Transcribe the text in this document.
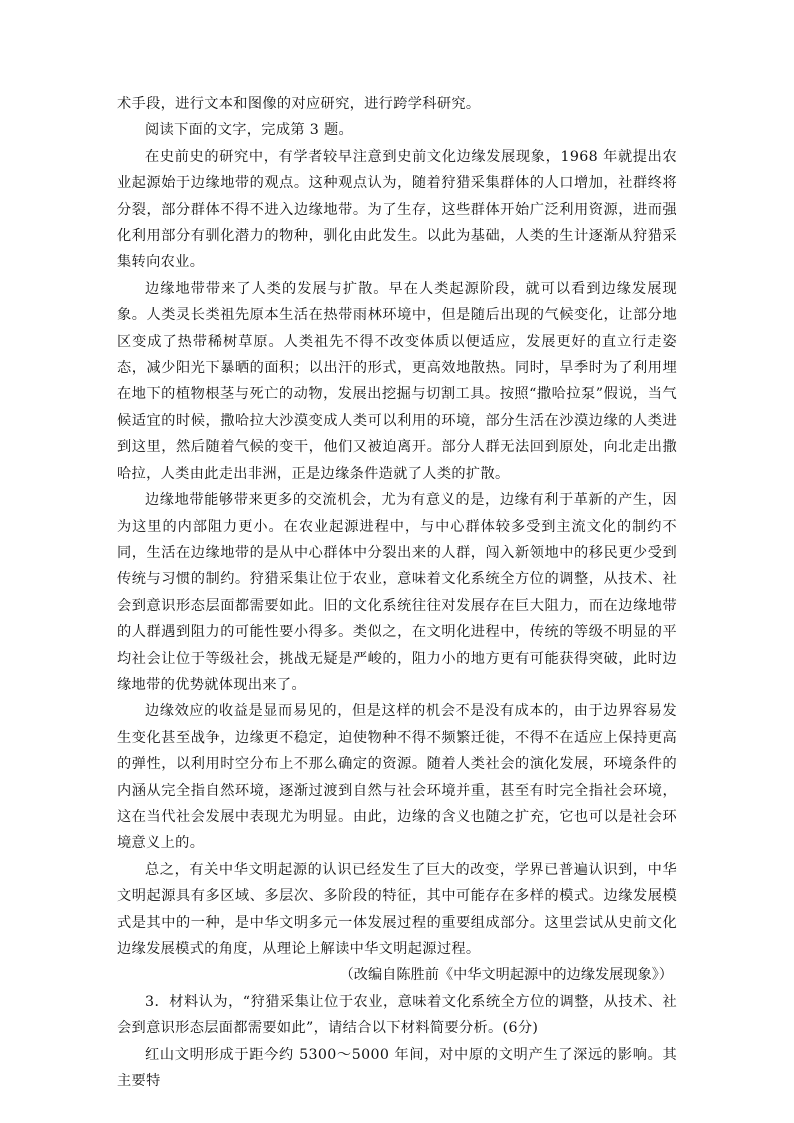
术手段，进行文本和图像的对应研究，进行跨学科研究。

阅读下面的文字，完成第 3 题。

在史前史的研究中，有学者较早注意到史前文化边缘发展现象，1968 年就提出农业起源始于边缘地带的观点。这种观点认为，随着狩猎采集群体的人口增加，社群终将分裂，部分群体不得不进入边缘地带。为了生存，这些群体开始广泛利用资源，进而强化利用部分有驯化潜力的物种，驯化由此发生。以此为基础，人类的生计逐渐从狩猎采集转向农业。

边缘地带带来了人类的发展与扩散。早在人类起源阶段，就可以看到边缘发展现象。人类灵长类祖先原本生活在热带雨林环境中，但是随后出现的气候变化，让部分地区变成了热带稀树草原。人类祖先不得不改变体质以便适应，发展更好的直立行走姿态，减少阳光下暴晒的面积；以出汗的形式，更高效地散热。同时，旱季时为了利用埋在地下的植物根茎与死亡的动物，发展出挖掘与切割工具。按照“撒哈拉泵”假说，当气候适宜的时候，撒哈拉大沙漠变成人类可以利用的环境，部分生活在沙漠边缘的人类进到这里，然后随着气候的变干，他们又被迫离开。部分人群无法回到原处，向北走出撒哈拉，人类由此走出非洲，正是边缘条件造就了人类的扩散。

边缘地带能够带来更多的交流机会，尤为有意义的是，边缘有利于革新的产生，因为这里的内部阻力更小。在农业起源进程中，与中心群体较多受到主流文化的制约不同，生活在边缘地带的是从中心群体中分裂出来的人群，闯入新领地中的移民更少受到传统与习惯的制约。狩猎采集让位于农业，意味着文化系统全方位的调整，从技术、社会到意识形态层面都需要如此。旧的文化系统往往对发展存在巨大阻力，而在边缘地带的人群遇到阻力的可能性要小得多。类似之，在文明化进程中，传统的等级不明显的平均社会让位于等级社会，挑战无疑是严峻的，阻力小的地方更有可能获得突破，此时边缘地带的优势就体现出来了。

边缘效应的收益是显而易见的，但是这样的机会不是没有成本的，由于边界容易发生变化甚至战争，边缘更不稳定，迫使物种不得不频繁迁徙，不得不在适应上保持更高的弹性，以利用时空分布上不那么确定的资源。随着人类社会的演化发展，环境条件的内涵从完全指自然环境，逐渐过渡到自然与社会环境并重，甚至有时完全指社会环境，这在当代社会发展中表现尤为明显。由此，边缘的含义也随之扩充，它也可以是社会环境意义上的。

总之，有关中华文明起源的认识已经发生了巨大的改变，学界已普遍认识到，中华文明起源具有多区域、多层次、多阶段的特征，其中可能存在多样的模式。边缘发展模式是其中的一种，是中华文明多元一体发展过程的重要组成部分。这里尝试从史前文化边缘发展模式的角度，从理论上解读中华文明起源过程。

（改编自陈胜前《中华文明起源中的边缘发展现象》）

3．材料认为，“狩猎采集让位于农业，意味着文化系统全方位的调整，从技术、社会到意识形态层面都需要如此”，请结合以下材料简要分析。(6分)

红山文明形成于距今约 5300～5000 年间，对中原的文明产生了深远的影响。其主要特
